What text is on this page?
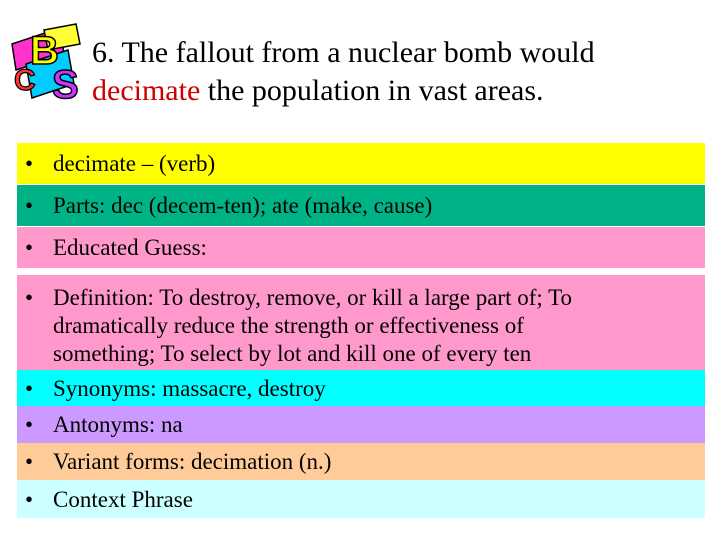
B
C S
6. The fallout from a nuclear bomb would
decimate the population in vast areas.
• decimate – (verb)
• Parts: dec (decem-ten); ate (make, cause)
• Educated Guess:
• Definition: To destroy, remove, or kill a large part of; To
dramatically reduce the strength or effectiveness of
something; To select by lot and kill one of every ten
• Synonyms: massacre, destroy
• Antonyms: na
• Variant forms: decimation (n.)
• Context Phrase
